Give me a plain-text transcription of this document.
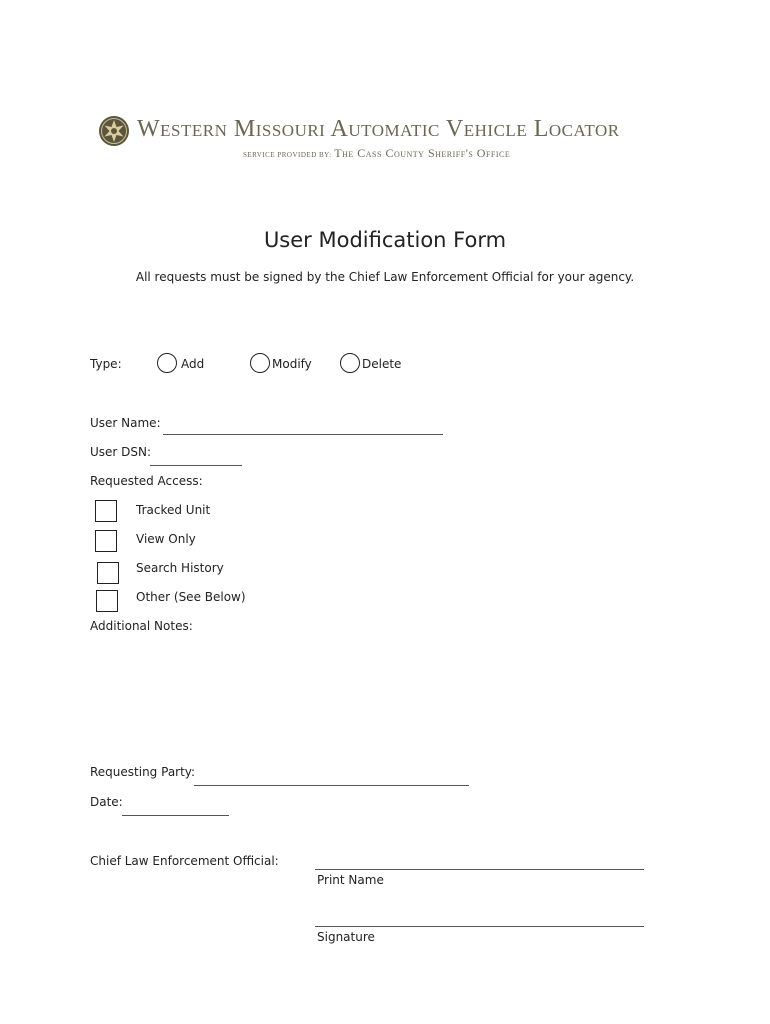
Western Missouri Automatic Vehicle Locator
SERVICE PROVIDED BY: The Cass County Sheriff's Office
User Modification Form
All requests must be signed by the Chief Law Enforcement Official for your agency.
Type:	Add	Modify	Delete
User Name:
User DSN:
Requested Access:
Tracked Unit
View Only
Search History
Other (See Below)
Additional Notes:
Requesting Party:
Date:
Chief Law Enforcement Official:
Print Name
Signature
